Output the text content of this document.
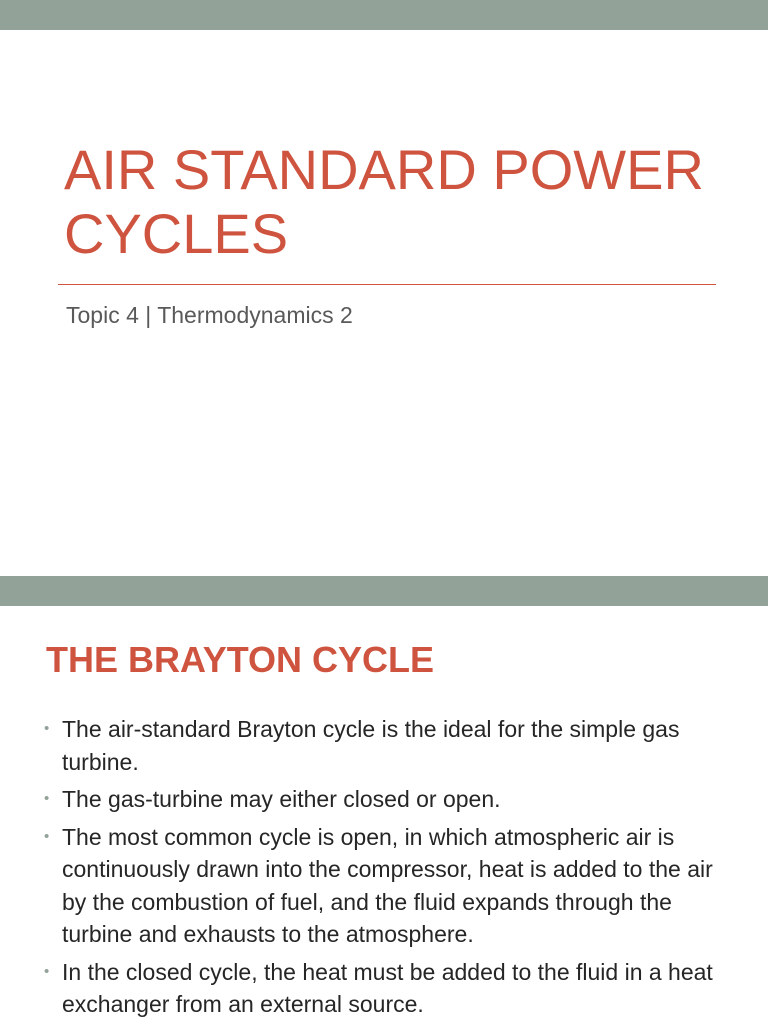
AIR STANDARD POWER CYCLES

Topic 4 | Thermodynamics 2

THE BRAYTON CYCLE
• The air-standard Brayton cycle is the ideal for the simple gas turbine.
• The gas-turbine may either closed or open.
• The most common cycle is open, in which atmospheric air is continuously drawn into the compressor, heat is added to the air by the combustion of fuel, and the fluid expands through the turbine and exhausts to the atmosphere.
• In the closed cycle, the heat must be added to the fluid in a heat exchanger from an external source.
